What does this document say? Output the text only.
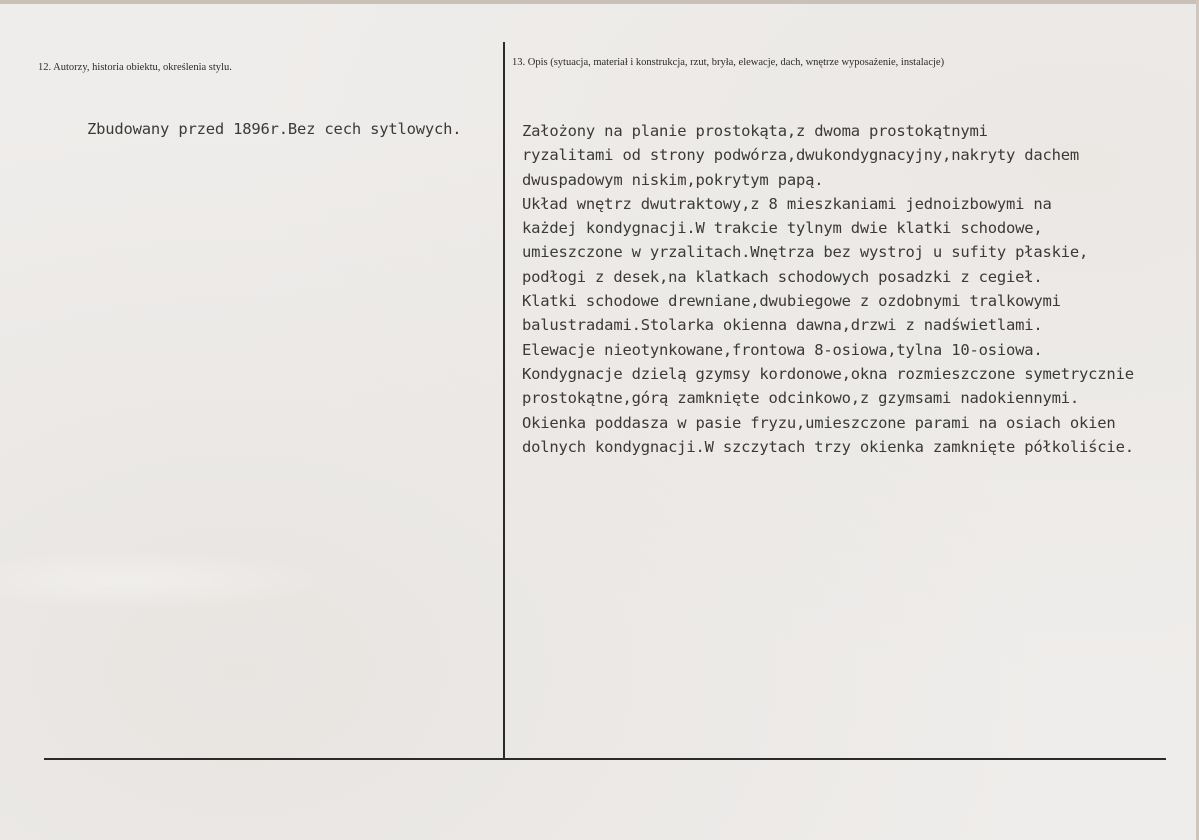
12. Autorzy, historia obiektu, określenia stylu.	13. Opis (sytuacja, materiał i konstrukcja, rzut, bryła, elewacje, dach, wnętrze wyposażenie, instalacje)
Zbudowany przed 1896r.Bez cech sytlowych.	Założony na planie prostokąta,z dwoma prostokątnymi
ryzalitami od strony podwórza,dwukondygnacyjny,nakryty dachem
dwuspadowym niskim,pokrytym papą.
Układ wnętrz dwutraktowy,z 8 mieszkaniami jednoizbowymi na
każdej kondygnacji.W trakcie tylnym dwie klatki schodowe,
umieszczone w yrzalitach.Wnętrza bez wystroj u sufity płaskie,
podłogi z desek,na klatkach schodowych posadzki z cegieł.
Klatki schodowe drewniane,dwubiegowe z ozdobnymi tralkowymi
balustradami.Stolarka okienna dawna,drzwi z nadświetlami.
Elewacje nieotynkowane,frontowa 8-osiowa,tylna 10-osiowa.
Kondygnacje dzielą gzymsy kordonowe,okna rozmieszczone symetrycznie
prostokątne,górą zamknięte odcinkowo,z gzymsami nadokiennymi.
Okienka poddasza w pasie fryzu,umieszczone parami na osiach okien
dolnych kondygnacji.W szczytach trzy okienka zamknięte półkoliście.
